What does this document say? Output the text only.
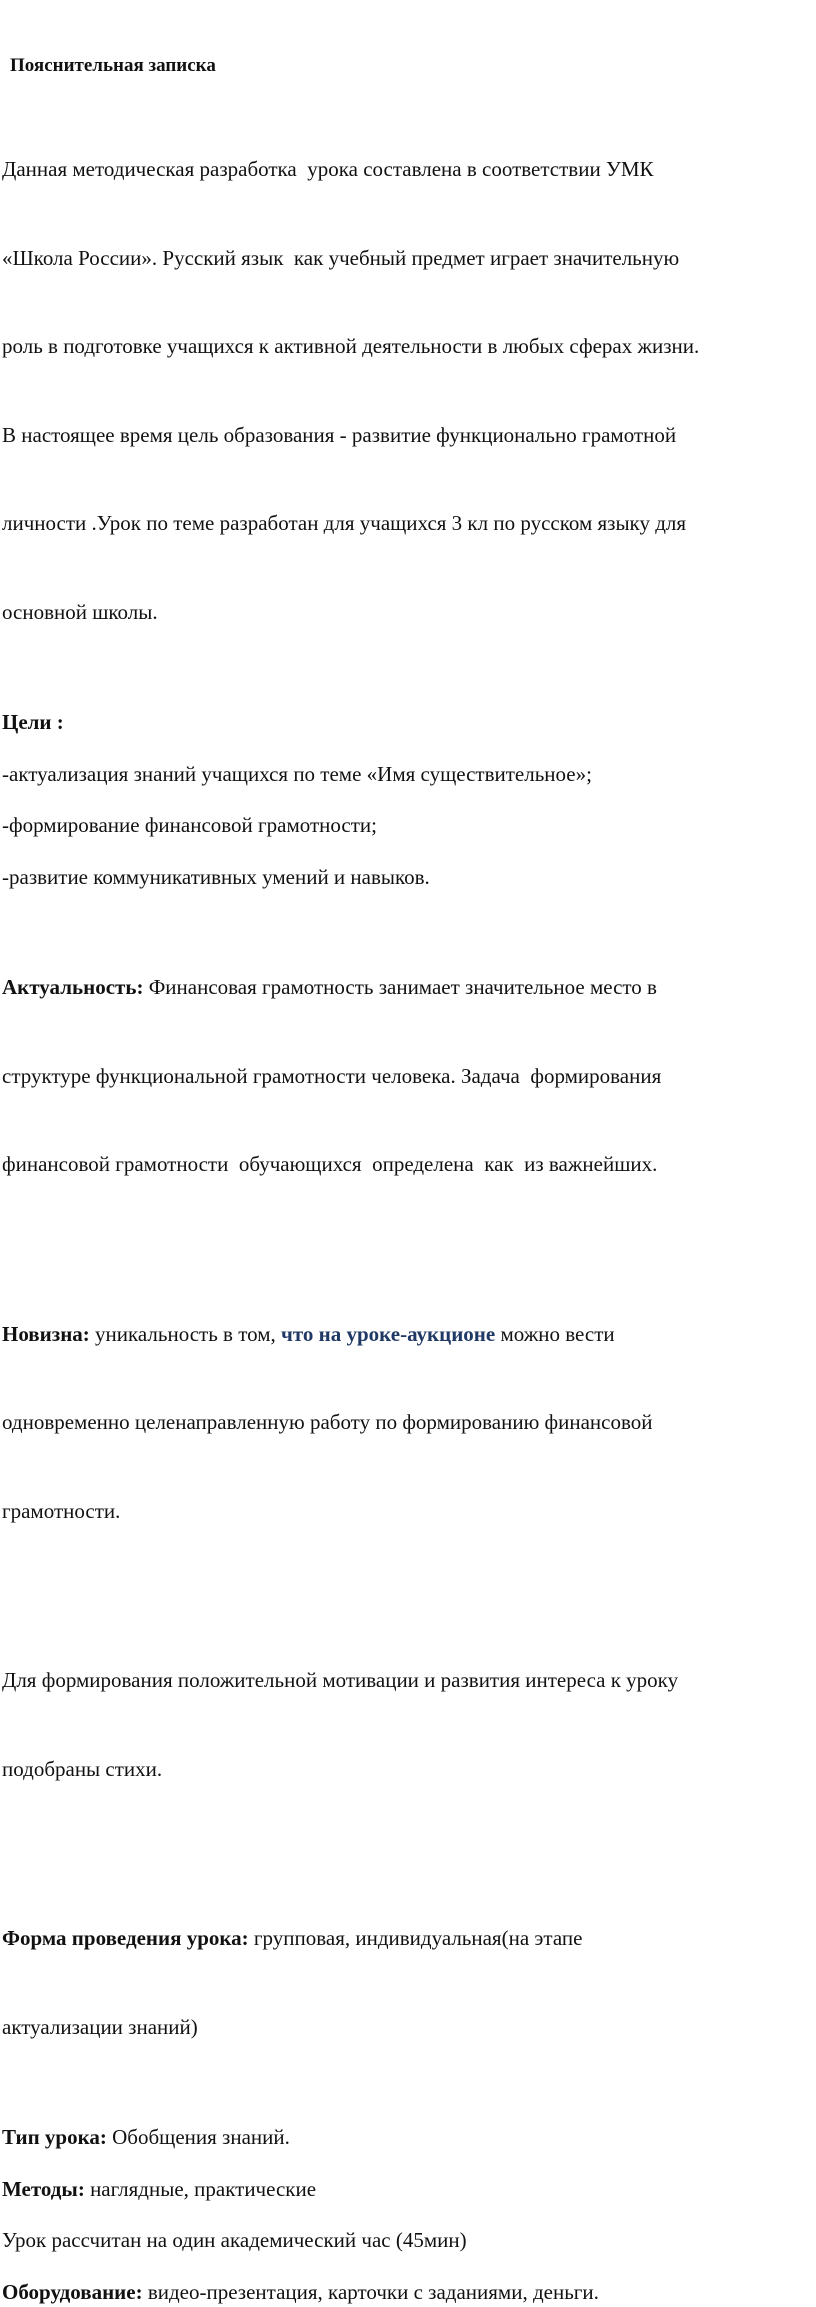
Пояснительная записка

Данная методическая разработка  урока составлена в соответствии УМК

«Школа России». Русский язык  как учебный предмет играет значительную

роль в подготовке учащихся к активной деятельности в любых сферах жизни.

В настоящее время цель образования - развитие функционально грамотной

личности .Урок по теме разработан для учащихся 3 кл по русском языку для

основной школы.

Цели :

-актуализация знаний учащихся по теме «Имя существительное»;

-формирование финансовой грамотности;

-развитие коммуникативных умений и навыков.

Актуальность: Финансовая грамотность занимает значительное место в

структуре функциональной грамотности человека. Задача  формирования

финансовой грамотности  обучающихся  определена  как  из важнейших.

Новизна: уникальность в том, что на уроке-аукционе можно вести

одновременно целенаправленную работу по формированию финансовой

грамотности.

Для формирования положительной мотивации и развития интереса к уроку

подобраны стихи.

Форма проведения урока: групповая, индивидуальная(на этапе

актуализации знаний)

Тип урока: Обобщения знаний.

Методы: наглядные, практические

Урок рассчитан на один академический час (45мин)

Оборудование: видео-презентация, карточки с заданиями, деньги.
